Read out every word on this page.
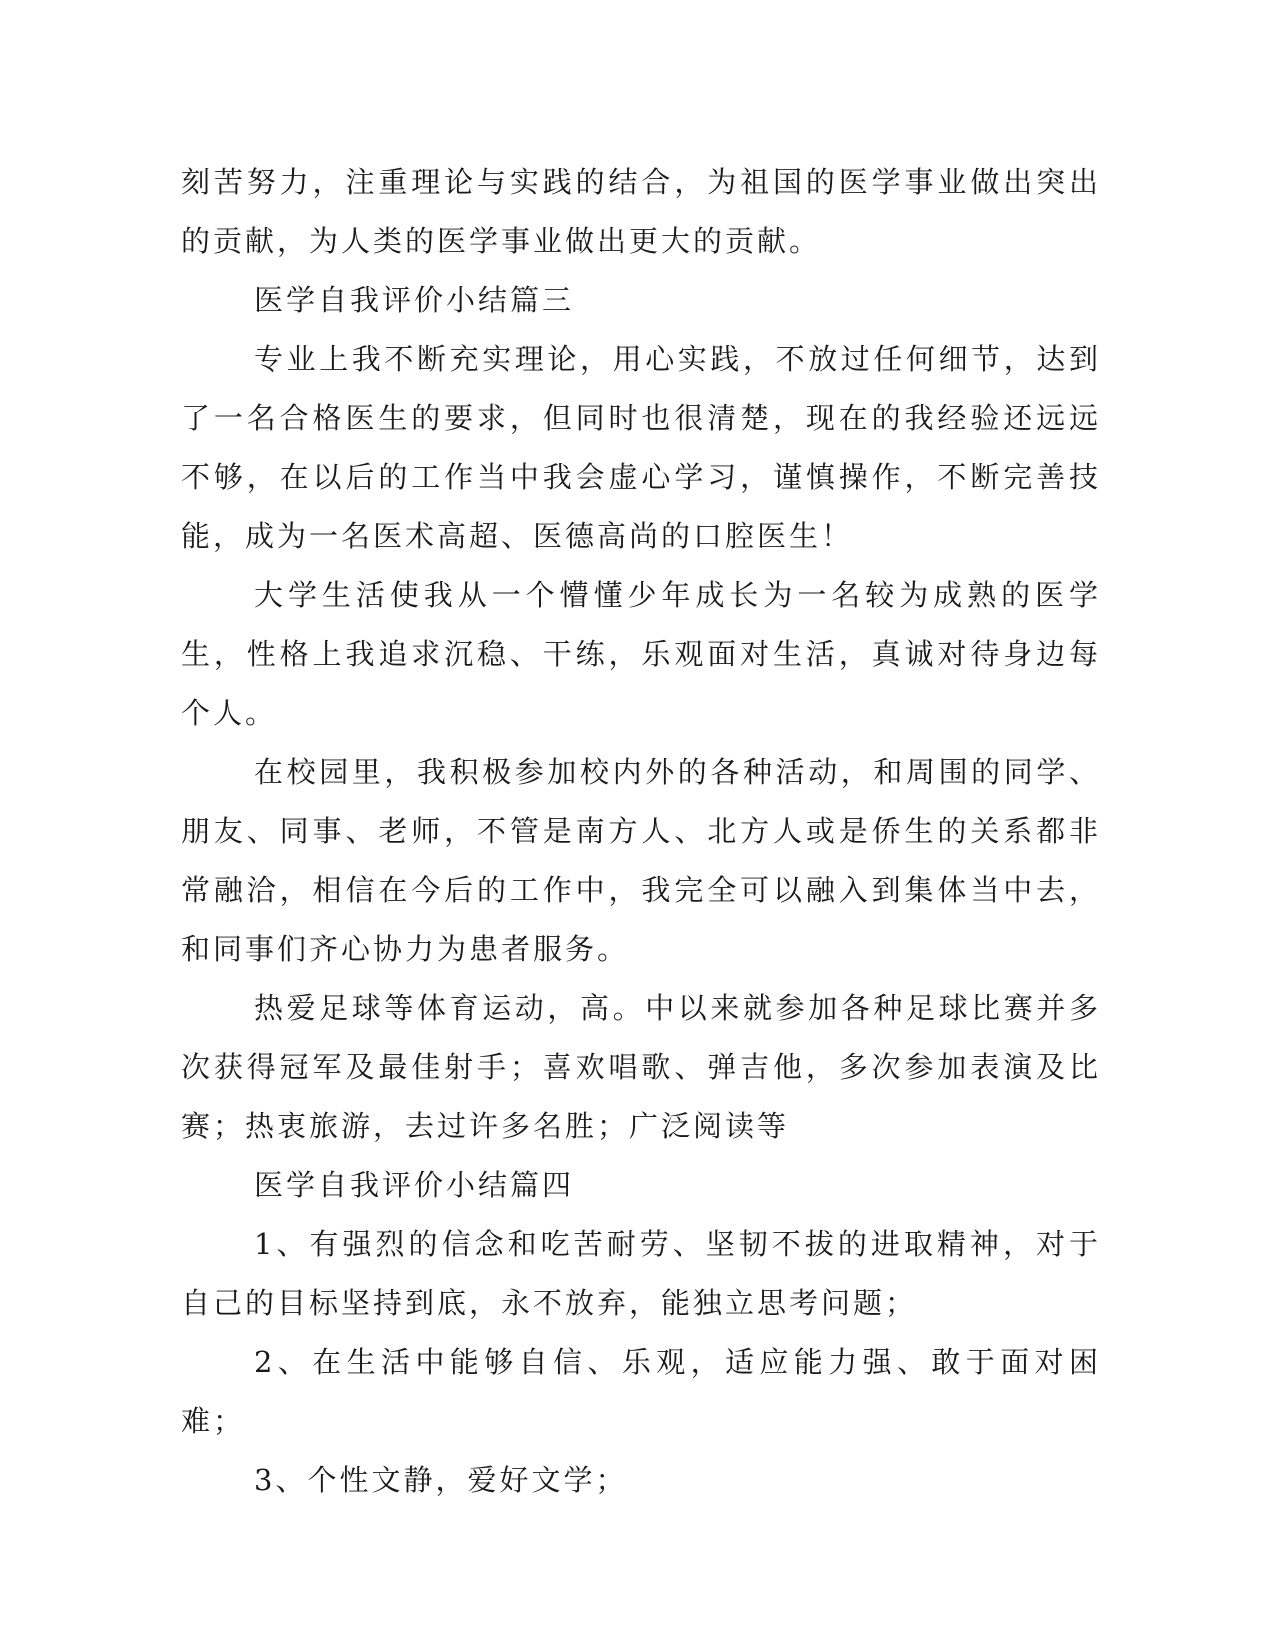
刻苦努力，注重理论与实践的结合，为祖国的医学事业做出突出的贡献，为人类的医学事业做出更大的贡献。

医学自我评价小结篇三

专业上我不断充实理论，用心实践，不放过任何细节，达到了一名合格医生的要求，但同时也很清楚，现在的我经验还远远不够，在以后的工作当中我会虚心学习，谨慎操作，不断完善技能，成为一名医术高超、医德高尚的口腔医生！

大学生活使我从一个懵懂少年成长为一名较为成熟的医学生，性格上我追求沉稳、干练，乐观面对生活，真诚对待身边每个人。

在校园里，我积极参加校内外的各种活动，和周围的同学、朋友、同事、老师，不管是南方人、北方人或是侨生的关系都非常融洽，相信在今后的工作中，我完全可以融入到集体当中去，和同事们齐心协力为患者服务。

热爱足球等体育运动，高。中以来就参加各种足球比赛并多次获得冠军及最佳射手；喜欢唱歌、弹吉他，多次参加表演及比赛；热衷旅游，去过许多名胜；广泛阅读等

医学自我评价小结篇四

1、有强烈的信念和吃苦耐劳、坚韧不拔的进取精神，对于自己的目标坚持到底，永不放弃，能独立思考问题；

2、在生活中能够自信、乐观，适应能力强、敢于面对困难；

3、个性文静，爱好文学；
